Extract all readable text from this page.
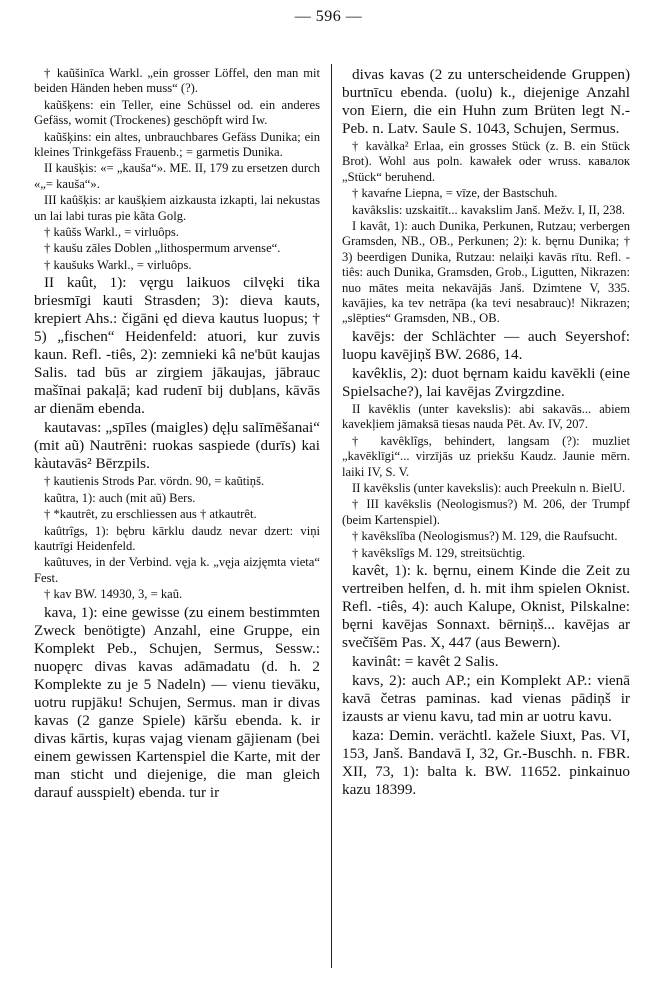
— 596 —

† kaũšinīca Warkl. „ein grosser Löffel, den man mit beiden Händen heben muss“ (?).

kaũšķens: ein Teller, eine Schüssel od. ein anderes Gefäss, womit (Trockenes) geschöpft wird Iw.

kaũšķins: ein altes, unbrauchbares Gefäss Dunika; ein kleines Trinkgefäss Frauenb.; = garmetis Dunika.

II kaušķis: «= „kauša“». ME. II, 179 zu ersetzen durch «„= kauša“».

III kaûšķis: ar kaušķiem aizkausta izkapti, lai nekustas un lai labi turas pie kãta Golg.

† kaûšs Warkl., = virluôps.

† kaušu zāles Doblen „lithospermum arvense“.

† kaušuks Warkl., = virluôps.

II kaût, 1): vęrgu laikuos cilvęki tika briesmīgi kauti Strasden; 3): dieva kauts, krepiert Ahs.: čigāni ęd dieva kautus luopus; † 5) „fischen“ Heidenfeld: atuori, kur zuvis kaun. Refl. -tiês, 2): zemnieki kâ ne'būt kaujas Salis. tad būs ar zirgiem jākaujas, jābrauc mašīnai pakaļā; kad rudenī bij dubļans, kāvās ar dienām ebenda.

kautavas: „spīles (maigles) dęļu salīmēšanai“ (mit aũ) Nautrēni: ruokas saspiede (durīs) kai kàutavās² Bērzpils.

† kautienis Strods Par. vördn. 90, = kaũtiņš.

kaũtra, 1): auch (mit aũ) Bers.

† *kautrêt, zu erschliessen aus † atkautrêt.

kaûtrîgs, 1): bębru kārklu daudz nevar dzert: viņi kautrīgi Heidenfeld.

kaûtuves, in der Verbind. vęja k. „vęja aizjęmta vieta“ Fest.

† kav BW. 14930, 3, = kaû.

kava, 1): eine gewisse (zu einem bestimmten Zweck benötigte) Anzahl, eine Gruppe, ein Komplekt Peb., Schujen, Sermus, Sessw.: nuopęrc divas kavas adāmadatu (d. h. 2 Komplekte zu je 5 Nadeln) — vienu tievāku, uotru rupjāku! Schujen, Sermus. man ir divas kavas (2 ganze Spiele) kāršu ebenda. k. ir divas kārtis, kuŗas vajag vienam gājienam (bei einem gewissen Kartenspiel die Karte, mit der man sticht und diejenige, die man gleich darauf ausspielt) ebenda. tur ir

divas kavas (2 zu unterscheidende Gruppen) burtnīcu ebenda. (uolu) k., diejenige Anzahl von Eiern, die ein Huhn zum Brüten legt N.-Peb. n. Latv. Saule S. 1043, Schujen, Sermus.

† kavàlka² Erlaa, ein grosses Stück (z. B. ein Stück Brot). Wohl aus poln. kawałek oder wruss. кавалок „Stück“ beruhend.

† kavaŕne Liepna, = vīze, der Bastschuh.

kavâkslis: uzskaitīt... kavakslim Janš. Mežv. I, II, 238.

I kavât, 1): auch Dunika, Perkunen, Rutzau; verbergen Gramsden, NB., OB., Perkunen; 2): k. bęrnu Dunika; † 3) beerdigen Dunika, Rutzau: nelaiķi kavās rītu. Refl. -tiês: auch Dunika, Gramsden, Grob., Ligutten, Nikrazen: nuo mātes meita nekavājās Janš. Dzimtene V, 335. kavājies, ka tev netrāpa (ka tevi nesabrauc)! Nikrazen; „slēpties“ Gramsden, NB., OB.

kavējs: der Schlächter — auch Seyershof: luopu kavējiņš BW. 2686, 14.

kavêklis, 2): duot bęrnam kaidu kavēkli (eine Spielsache?), lai kavējas Zvirgzdine.

II kavêklis (unter kavekslis): abi sakavās... abiem kavekļiem jāmaksā tiesas nauda Pēt. Av. IV, 207.

† kavêklîgs, behindert, langsam (?): muzliet „kavēklīgi“... virzījās uz priekšu Kaudz. Jaunie mērn. laiki IV, S. V.

II kavêkslis (unter kavekslis): auch Preekuln n. BielU.

† III kavêkslis (Neologismus?) M. 206, der Trumpf (beim Kartenspiel).

† kavêkslîba (Neologismus?) M. 129, die Raufsucht.

† kavêkslîgs M. 129, streitsüchtig.

kavêt, 1): k. bęrnu, einem Kinde die Zeit zu vertreiben helfen, d. h. mit ihm spielen Oknist. Refl. -tiês, 4): auch Kalupe, Oknist, Pilskalne: bęrni kavējas Sonnaxt. bērniņš... kavējas ar svečīšēm Pas. X, 447 (aus Bewern).

kavinât: = kavêt 2 Salis.

kavs, 2): auch AP.; ein Komplekt AP.: vienā kavā četras paminas. kad vienas pādiņš ir izausts ar vienu kavu, tad min ar uotru kavu.

kaza: Demin. verächtl. kažele Siuxt, Pas. VI, 153, Janš. Bandavā I, 32, Gr.-Buschh. n. FBR. XII, 73, 1): balta k. BW. 11652. pinkainuo kazu 18399.
